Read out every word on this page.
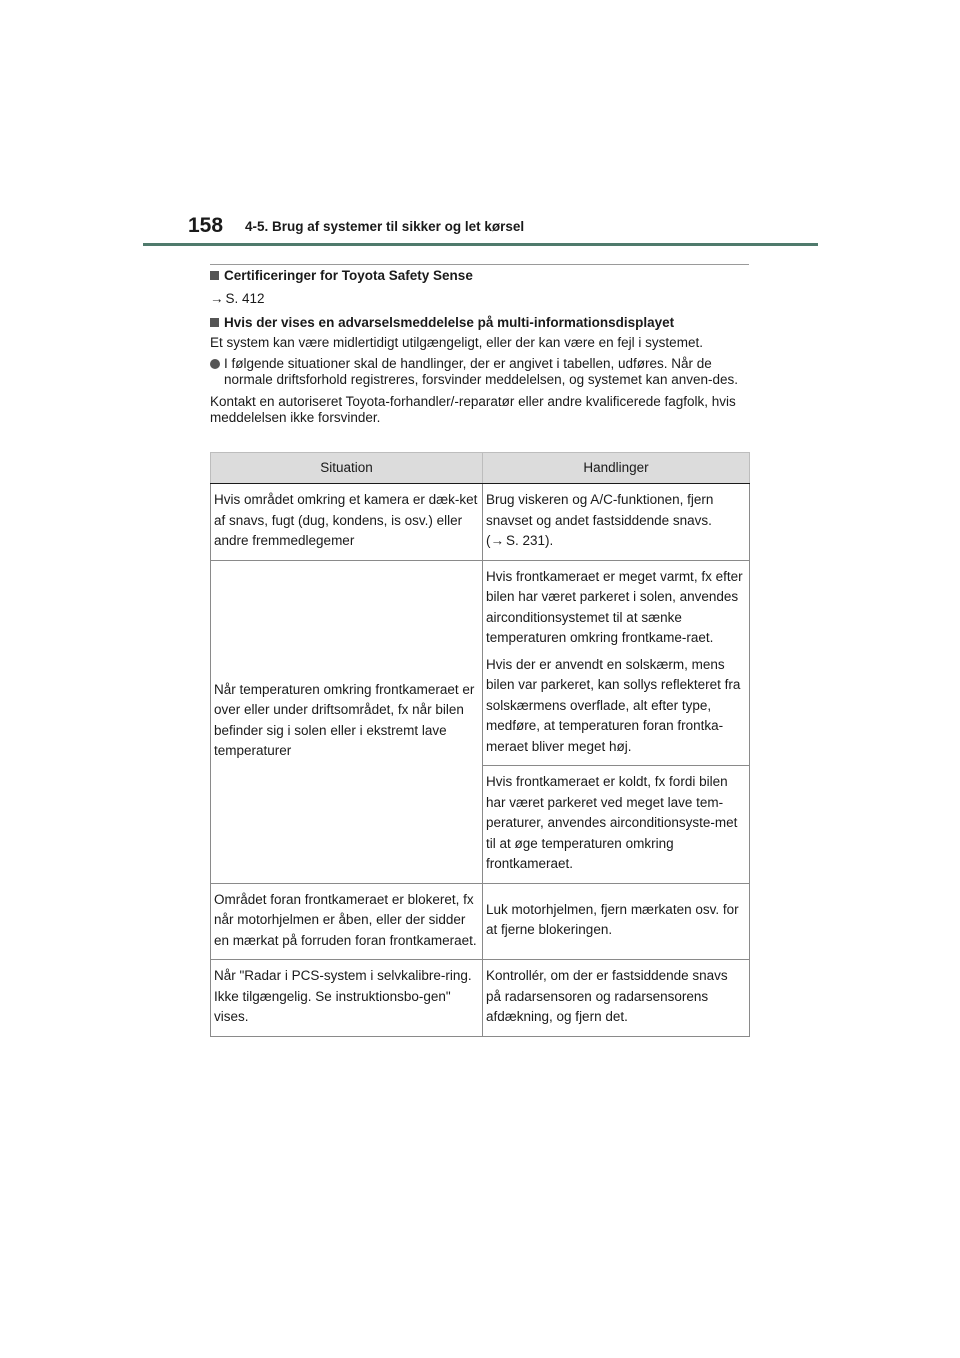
158 4-5. Brug af systemer til sikker og let kørsel

Certificeringer for Toyota Safety Sense

→ S. 412

Hvis der vises en advarselsmeddelelse på multi-informationsdisplayet

Et system kan være midlertidigt utilgængeligt, eller der kan være en fejl i systemet.

I følgende situationer skal de handlinger, der er angivet i tabellen, udføres. Når de normale driftsforhold registreres, forsvinder meddelelsen, og systemet kan anven-des.

Kontakt en autoriseret Toyota-forhandler/-reparatør eller andre kvalificerede fagfolk, hvis meddelelsen ikke forsvinder.

Situation	Handlinger
Hvis området omkring et kamera er dæk-ket af snavs, fugt (dug, kondens, is osv.) eller andre fremmedlegemer	Brug viskeren og A/C-funktionen, fjern snavset og andet fastsiddende snavs.
(→ S. 231).
Når temperaturen omkring frontkameraet er over eller under driftsområdet, fx når bilen befinder sig i solen eller i ekstremt lave temperaturer	Hvis frontkameraet er meget varmt, fx efter bilen har været parkeret i solen, anvendes airconditionsystemet til at sænke temperaturen omkring frontkame-raet.
Hvis der er anvendt en solskærm, mens bilen var parkeret, kan sollys reflekteret fra solskærmens overflade, alt efter type, medføre, at temperaturen foran frontka-meraet bliver meget høj.
Hvis frontkameraet er koldt, fx fordi bilen har været parkeret ved meget lave tem-peraturer, anvendes airconditionsyste-met til at øge temperaturen omkring frontkameraet.

Området foran frontkameraet er blokeret, fx når motorhjelmen er åben, eller der sidder en mærkat på forruden foran frontkameraet.	Luk motorhjelmen, fjern mærkaten osv. for at fjerne blokeringen.
Når "Radar i PCS-system i selvkalibre-ring. Ikke tilgængelig. Se instruktionsbo-gen" vises.	Kontrollér, om der er fastsiddende snavs på radarsensoren og radarsensorens afdækning, og fjern det.
